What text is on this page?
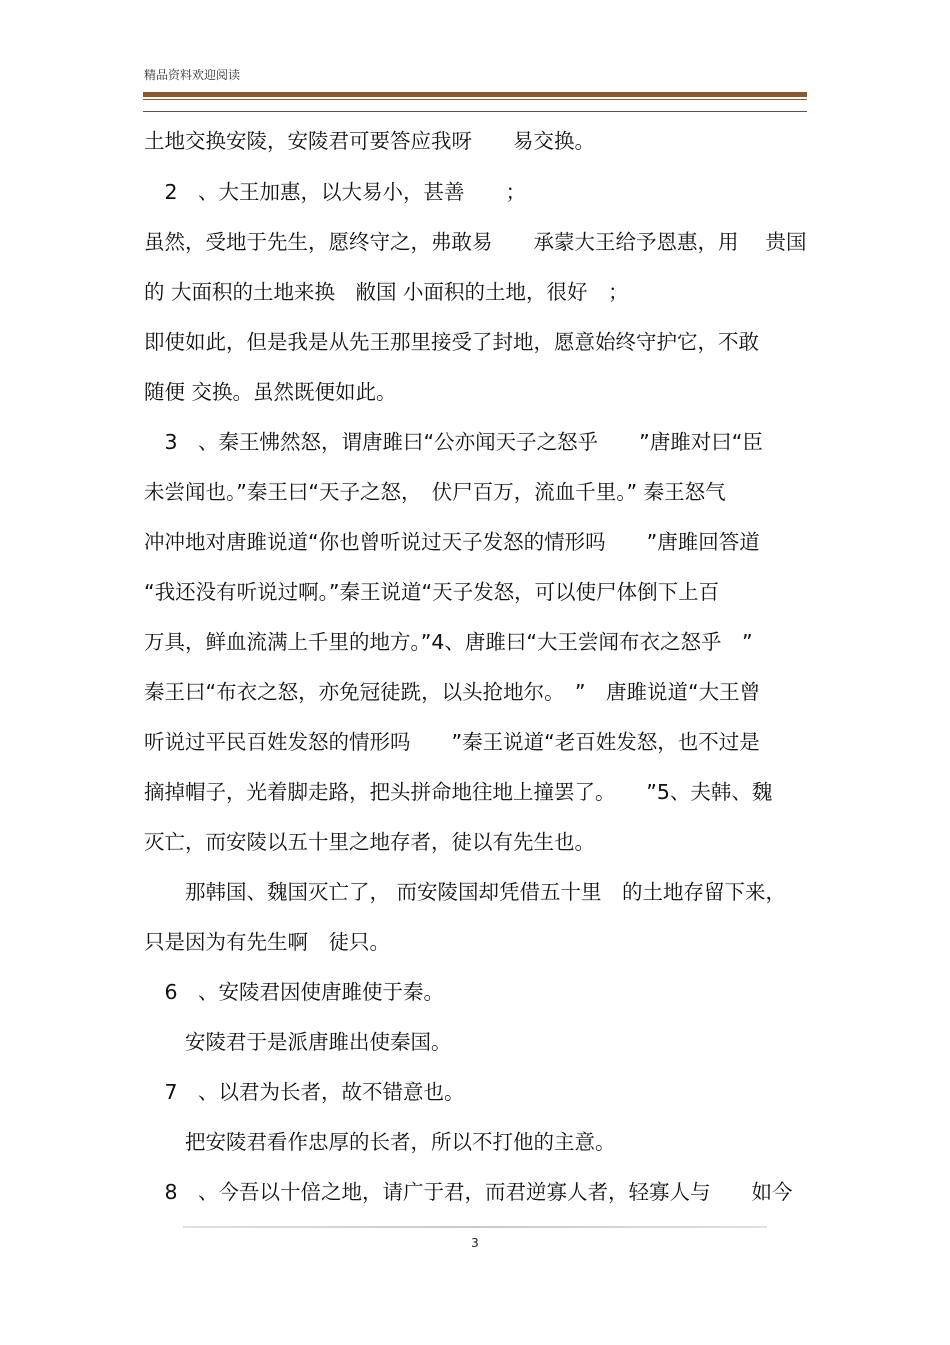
精品资料欢迎阅读
土地交换安陵，安陵君可要答应我呀　　易交换。
　2　、大王加惠，以大易小，甚善　　；
虽然，受地于先生，愿终守之，弗敢易　　承蒙大王给予恩惠，用　 贵国
的 大面积的土地来换　敝国 小面积的土地，很好　；
即使如此，但是我是从先王那里接受了封地，愿意始终守护它，不敢
随便 交换。虽然既便如此。
　3　、秦王怫然怒，谓唐雎曰“公亦闻天子之怒乎　　”唐雎对曰“臣
未尝闻也。”秦王曰“天子之怒，　伏尸百万，流血千里。” 秦王怒气
冲冲地对唐雎说道“你也曾听说过天子发怒的情形吗　　”唐雎回答道
“我还没有听说过啊。”秦王说道“天子发怒，可以使尸体倒下上百
万具，鲜血流满上千里的地方。”4、唐雎曰“大王尝闻布衣之怒乎　”
秦王曰“布衣之怒，亦免冠徒跣，以头抢地尔。　”　唐雎说道“大王曾
听说过平民百姓发怒的情形吗　　”秦王说道“老百姓发怒，也不过是
摘掉帽子，光着脚走路，把头拼命地往地上撞罢了。　　”5、夫韩、魏
灭亡，而安陵以五十里之地存者，徒以有先生也。
　　那韩国、魏国灭亡了， 而安陵国却凭借五十里　的土地存留下来，
只是因为有先生啊　徒只。
　6　、安陵君因使唐雎使于秦。
　　安陵君于是派唐雎出使秦国。
　7　、以君为长者，故不错意也。
　　把安陵君看作忠厚的长者，所以不打他的主意。
　8　、今吾以十倍之地，请广于君，而君逆寡人者，轻寡人与　　如今
3
